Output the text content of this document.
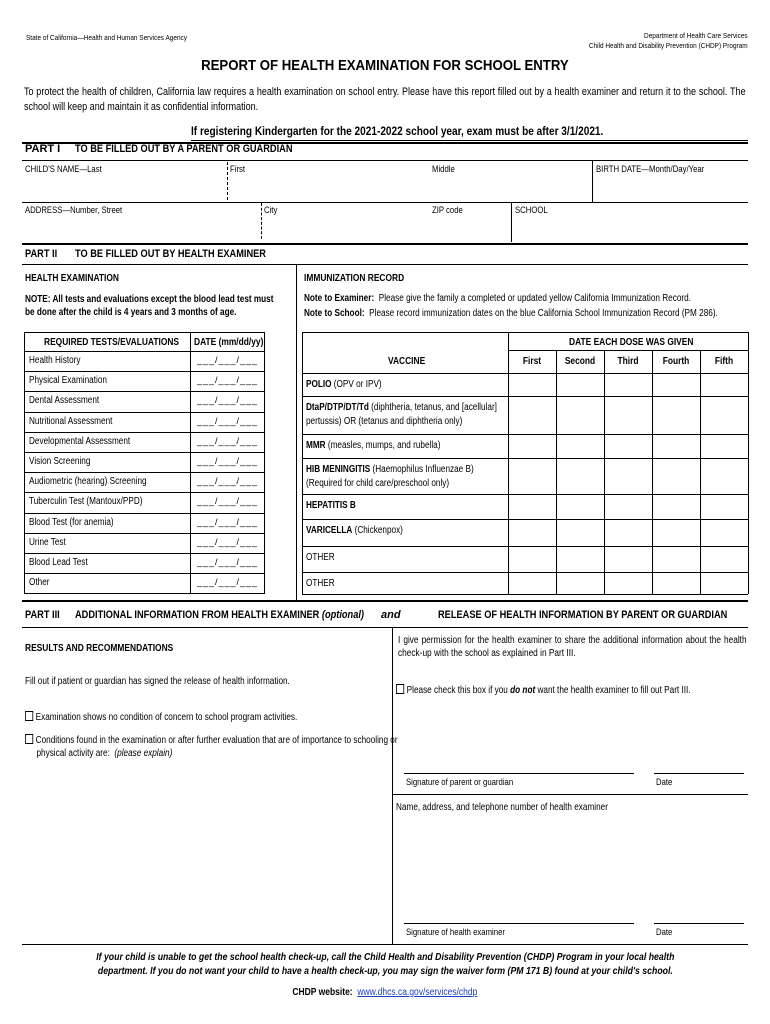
State of California—Health and Human Services Agency	Department of Health Care Services
Child Health and Disability Prevention (CHDP) Program
REPORT OF HEALTH EXAMINATION FOR SCHOOL ENTRY
To protect the health of children, California law requires a health examination on school entry. Please have this report filled out by a health examiner and return it to the school. The school will keep and maintain it as confidential information.
If registering Kindergarten for the 2021-2022 school year, exam must be after 3/1/2021.
PART I TO BE FILLED OUT BY A PARENT OR GUARDIAN
CHILD'S NAME—Last	First	Middle	BIRTH DATE—Month/Day/Year
ADDRESS—Number, Street	City	ZIP code	SCHOOL
PART II TO BE FILLED OUT BY HEALTH EXAMINER
HEALTH EXAMINATION
NOTE: All tests and evaluations except the blood lead test must be done after the child is 4 years and 3 months of age.
REQUIRED TESTS/EVALUATIONS DATE (mm/dd/yy)
Health History	___/___/___
Physical Examination	___/___/___
Dental Assessment	___/___/___
Nutritional Assessment	___/___/___
Developmental Assessment	___/___/___
Vision Screening	___/___/___
Audiometric (hearing) Screening	___/___/___
Tuberculin Test (Mantoux/PPD)	___/___/___
Blood Test (for anemia)	___/___/___
Urine Test	___/___/___
Blood Lead Test	___/___/___
Other	___/___/___
IMMUNIZATION RECORD
Note to Examiner: Please give the family a completed or updated yellow California Immunization Record.
Note to School: Please record immunization dates on the blue California School Immunization Record (PM 286).
DATE EACH DOSE WAS GIVEN
VACCINE	First	Second	Third	Fourth	Fifth
POLIO (OPV or IPV)
DtaP/DTP/DT/Td (diphtheria, tetanus, and [acellular]
pertussis) OR (tetanus and diphtheria only)
MMR (measles, mumps, and rubella)
HIB MENINGITIS (Haemophilus Influenzae B)
(Required for child care/preschool only)
HEPATITIS B
VARICELLA (Chickenpox)
OTHER
OTHER
PART III ADDITIONAL INFORMATION FROM HEALTH EXAMINER (optional) and	RELEASE OF HEALTH INFORMATION BY PARENT OR GUARDIAN
RESULTS AND RECOMMENDATIONS
Fill out if patient or guardian has signed the release of health information.
Examination shows no condition of concern to school program activities.
Conditions found in the examination or after further evaluation that are of importance to schooling or
physical activity are: (please explain)
I give permission for the health examiner to share the additional information about the health check-up with the school as explained in Part III.
Please check this box if you do not want the health examiner to fill out Part III.
Signature of parent or guardian	Date
Name, address, and telephone number of health examiner
Signature of health examiner	Date
If your child is unable to get the school health check-up, call the Child Health and Disability Prevention (CHDP) Program in your local health
department. If you do not want your child to have a health check-up, you may sign the waiver form (PM 171 B) found at your child's school.
CHDP website: www.dhcs.ca.gov/services/chdp
